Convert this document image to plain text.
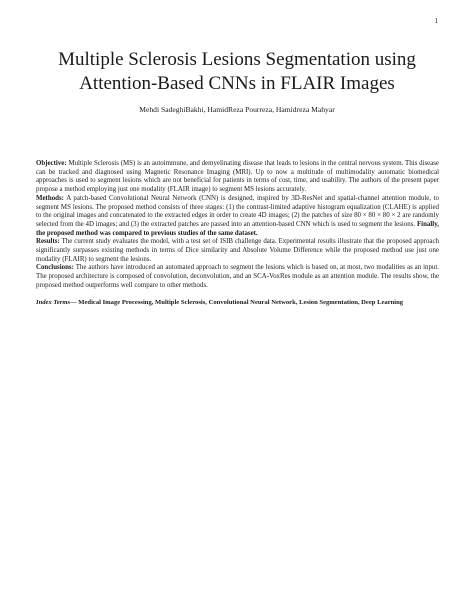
1
Multiple Sclerosis Lesions Segmentation using
Attention-Based CNNs in FLAIR Images
Mehdi SadeghiBakhi, HamidReza Pourreza, Hamidreza Mahyar

Objective: Multiple Sclerosis (MS) is an autoimmune, and demyelinating disease that leads to lesions in the central nervous system. This disease can be tracked and diagnosed using Magnetic Resonance Imaging (MRI). Up to now a multitude of multimodality automatic biomedical approaches is used to segment lesions which are not beneficial for patients in terms of cost, time, and usability. The authors of the present paper propose a method employing just one modality (FLAIR image) to segment MS lesions accurately.

Methods: A patch-based Convolutional Neural Network (CNN) is designed, inspired by 3D-ResNet and spatial-channel attention module, to segment MS lesions. The proposed method consists of three stages: (1) the contrast-limited adaptive histogram equalization (CLAHE) is applied to the original images and concatenated to the extracted edges in order to create 4D images; (2) the patches of size 80 × 80 × 80 × 2 are randomly selected from the 4D images; and (3) the extracted patches are passed into an attention-based CNN which is used to segment the lesions. Finally, the proposed method was compared to previous studies of the same dataset.

Results: The current study evaluates the model, with a test set of ISIB challenge data. Experimental results illustrate that the proposed approach significantly surpasses existing methods in terms of Dice similarity and Absolute Volume Difference while the proposed method use just one modality (FLAIR) to segment the lesions.

Conclusions: The authors have introduced an automated approach to segment the lesions which is based on, at most, two modalities as an input. The proposed architecture is composed of convolution, deconvolution, and an SCA-VoxRes module as an attention module. The results show, the proposed method outperforms well compare to other methods.

Index Terms— Medical Image Processing, Multiple Sclerosis, Convolutional Neural Network, Lesion Segmentation, Deep Learning
